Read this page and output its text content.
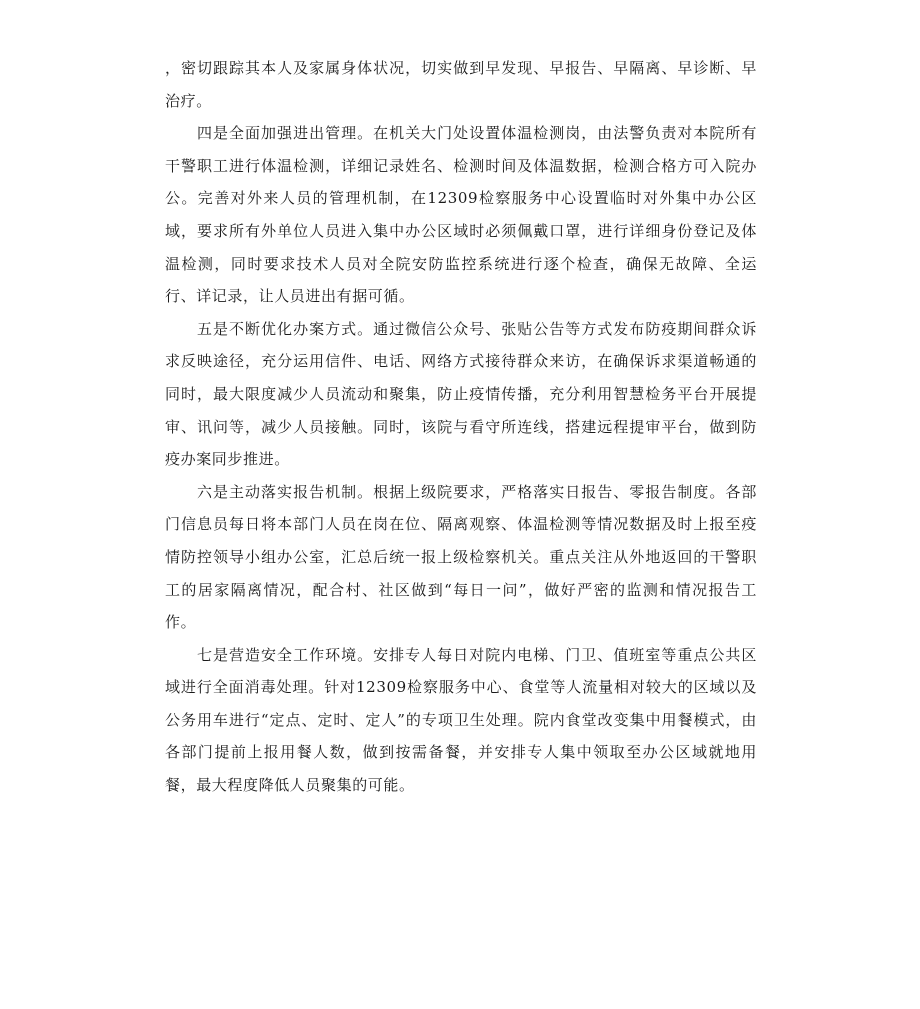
，密切跟踪其本人及家属身体状况，切实做到早发现、早报告、早隔离、早诊断、早治疗。

四是全面加强进出管理。在机关大门处设置体温检测岗，由法警负责对本院所有干警职工进行体温检测，详细记录姓名、检测时间及体温数据，检测合格方可入院办公。完善对外来人员的管理机制，在12309检察服务中心设置临时对外集中办公区域，要求所有外单位人员进入集中办公区域时必须佩戴口罩，进行详细身份登记及体温检测，同时要求技术人员对全院安防监控系统进行逐个检查，确保无故障、全运行、详记录，让人员进出有据可循。

五是不断优化办案方式。通过微信公众号、张贴公告等方式发布防疫期间群众诉求反映途径，充分运用信件、电话、网络方式接待群众来访，在确保诉求渠道畅通的同时，最大限度减少人员流动和聚集，防止疫情传播，充分利用智慧检务平台开展提审、讯问等，减少人员接触。同时，该院与看守所连线，搭建远程提审平台，做到防疫办案同步推进。

六是主动落实报告机制。根据上级院要求，严格落实日报告、零报告制度。各部门信息员每日将本部门人员在岗在位、隔离观察、体温检测等情况数据及时上报至疫情防控领导小组办公室，汇总后统一报上级检察机关。重点关注从外地返回的干警职工的居家隔离情况，配合村、社区做到“每日一问”，做好严密的监测和情况报告工作。

七是营造安全工作环境。安排专人每日对院内电梯、门卫、值班室等重点公共区域进行全面消毒处理。针对12309检察服务中心、食堂等人流量相对较大的区域以及公务用车进行“定点、定时、定人”的专项卫生处理。院内食堂改变集中用餐模式，由各部门提前上报用餐人数，做到按需备餐，并安排专人集中领取至办公区域就地用餐，最大程度降低人员聚集的可能。
